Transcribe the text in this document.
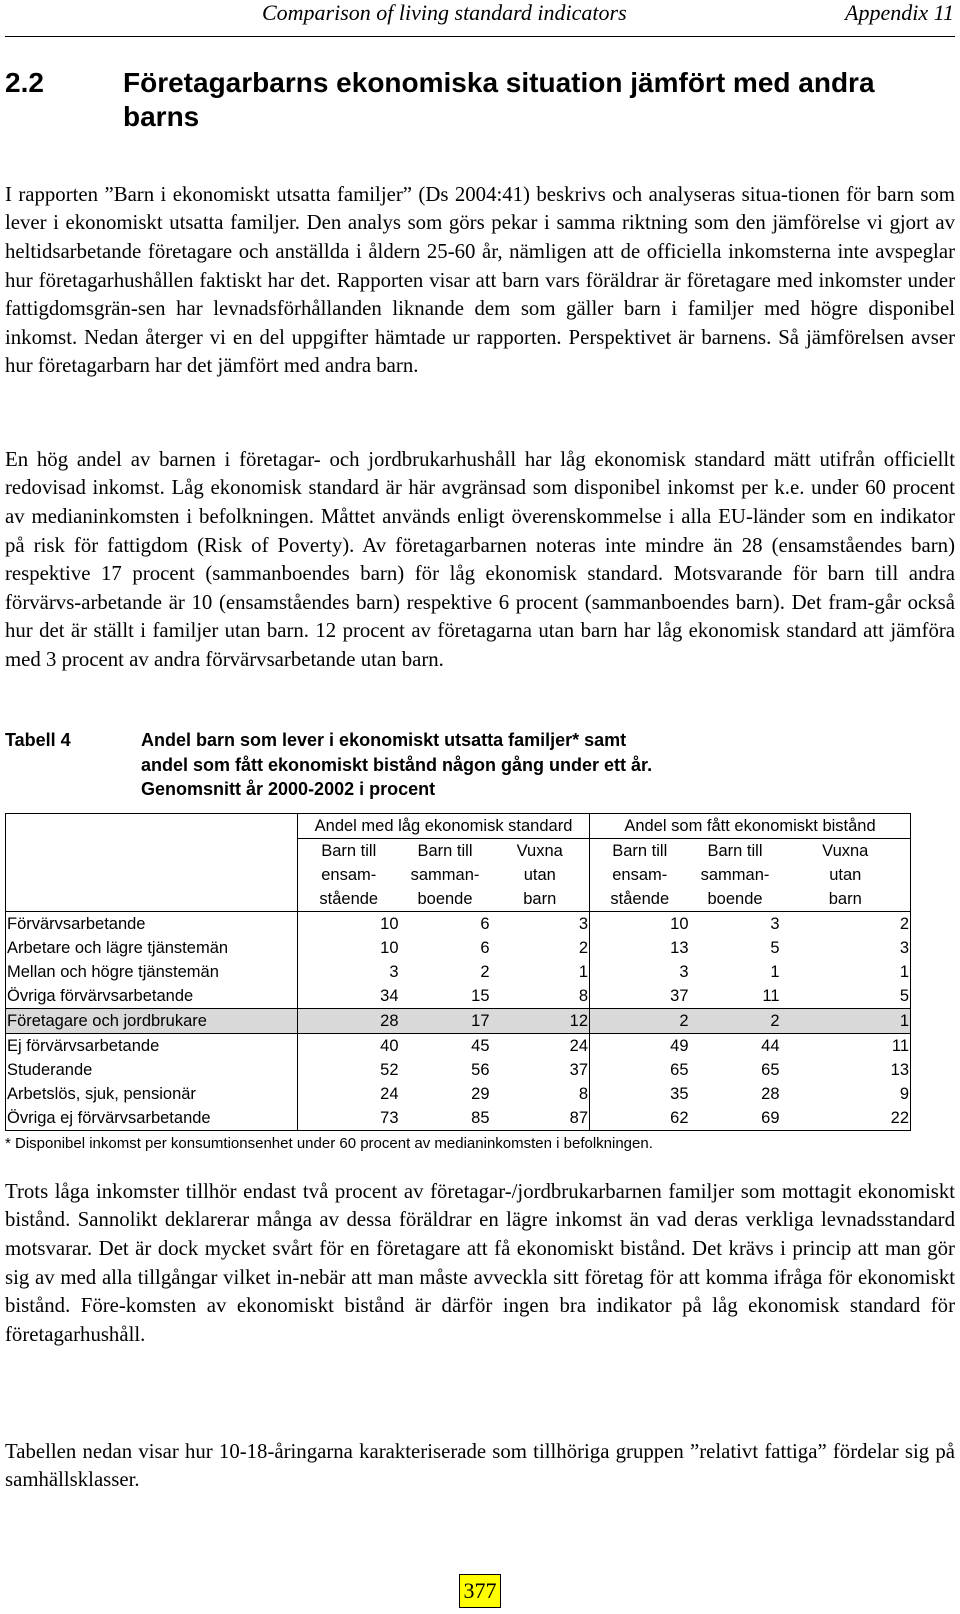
Comparison of living standard indicators	Appendix 11
2.2	Företagarbarns ekonomiska situation jämfört med andra barns

I rapporten ”Barn i ekonomiskt utsatta familjer” (Ds 2004:41) beskrivs och analyseras situa-tionen för barn som lever i ekonomiskt utsatta familjer. Den analys som görs pekar i samma riktning som den jämförelse vi gjort av heltidsarbetande företagare och anställda i åldern 25-60 år, nämligen att de officiella inkomsterna inte avspeglar hur företagarhushållen faktiskt har det. Rapporten visar att barn vars föräldrar är företagare med inkomster under fattigdomsgrän-sen har levnadsförhållanden liknande dem som gäller barn i familjer med högre disponibel inkomst. Nedan återger vi en del uppgifter hämtade ur rapporten. Perspektivet är barnens. Så jämförelsen avser hur företagarbarn har det jämfört med andra barn.

En hög andel av barnen i företagar- och jordbrukarhushåll har låg ekonomisk standard mätt utifrån officiellt redovisad inkomst. Låg ekonomisk standard är här avgränsad som disponibel inkomst per k.e. under 60 procent av medianinkomsten i befolkningen. Måttet används enligt överenskommelse i alla EU-länder som en indikator på risk för fattigdom (Risk of Poverty). Av företagarbarnen noteras inte mindre än 28 (ensamståendes barn) respektive 17 procent (sammanboendes barn) för låg ekonomisk standard. Motsvarande för barn till andra förvärvs-arbetande är 10 (ensamståendes barn) respektive 6 procent (sammanboendes barn). Det fram-går också hur det är ställt i familjer utan barn. 12 procent av företagarna utan barn har låg ekonomisk standard att jämföra med 3 procent av andra förvärvsarbetande utan barn.

Tabell 4	Andel barn som lever i ekonomiskt utsatta familjer* samt
andel som fått ekonomiskt bistånd någon gång under ett år.
Genomsnitt år 2000-2002 i procent
	Andel med låg ekonomisk standard			Andel som fått ekonomiskt bistånd		
	Barn till	Barn till	Vuxna	Barn till	Barn till	Vuxna
	ensam-	samman-	utan	ensam-	samman-	utan
	stående	boende	barn	stående	boende	barn
Förvärvsarbetande	10	6	3	10	3	2
Arbetare och lägre tjänstemän	10	6	2	13	5	3
Mellan och högre tjänstemän	3	2	1	3	1	1
Övriga förvärvsarbetande	34	15	8	37	11	5
Företagare och jordbrukare	28	17	12	2	2	1
Ej förvärvsarbetande	40	45	24	49	44	11
Studerande	52	56	37	65	65	13
Arbetslös, sjuk, pensionär	24	29	8	35	28	9
Övriga ej förvärvsarbetande	73	85	87	62	69	22
* Disponibel inkomst per konsumtionsenhet under 60 procent av medianinkomsten i befolkningen.

Trots låga inkomster tillhör endast två procent av företagar-/jordbrukarbarnen familjer som mottagit ekonomiskt bistånd. Sannolikt deklarerar många av dessa föräldrar en lägre inkomst än vad deras verkliga levnadsstandard motsvarar. Det är dock mycket svårt för en företagare att få ekonomiskt bistånd. Det krävs i princip att man gör sig av med alla tillgångar vilket in-nebär att man måste avveckla sitt företag för att komma ifråga för ekonomiskt bistånd. Före-komsten av ekonomiskt bistånd är därför ingen bra indikator på låg ekonomisk standard för företagarhushåll.

Tabellen nedan visar hur 10-18-åringarna karakteriserade som tillhöriga gruppen ”relativt fattiga” fördelar sig på samhällsklasser.

377
